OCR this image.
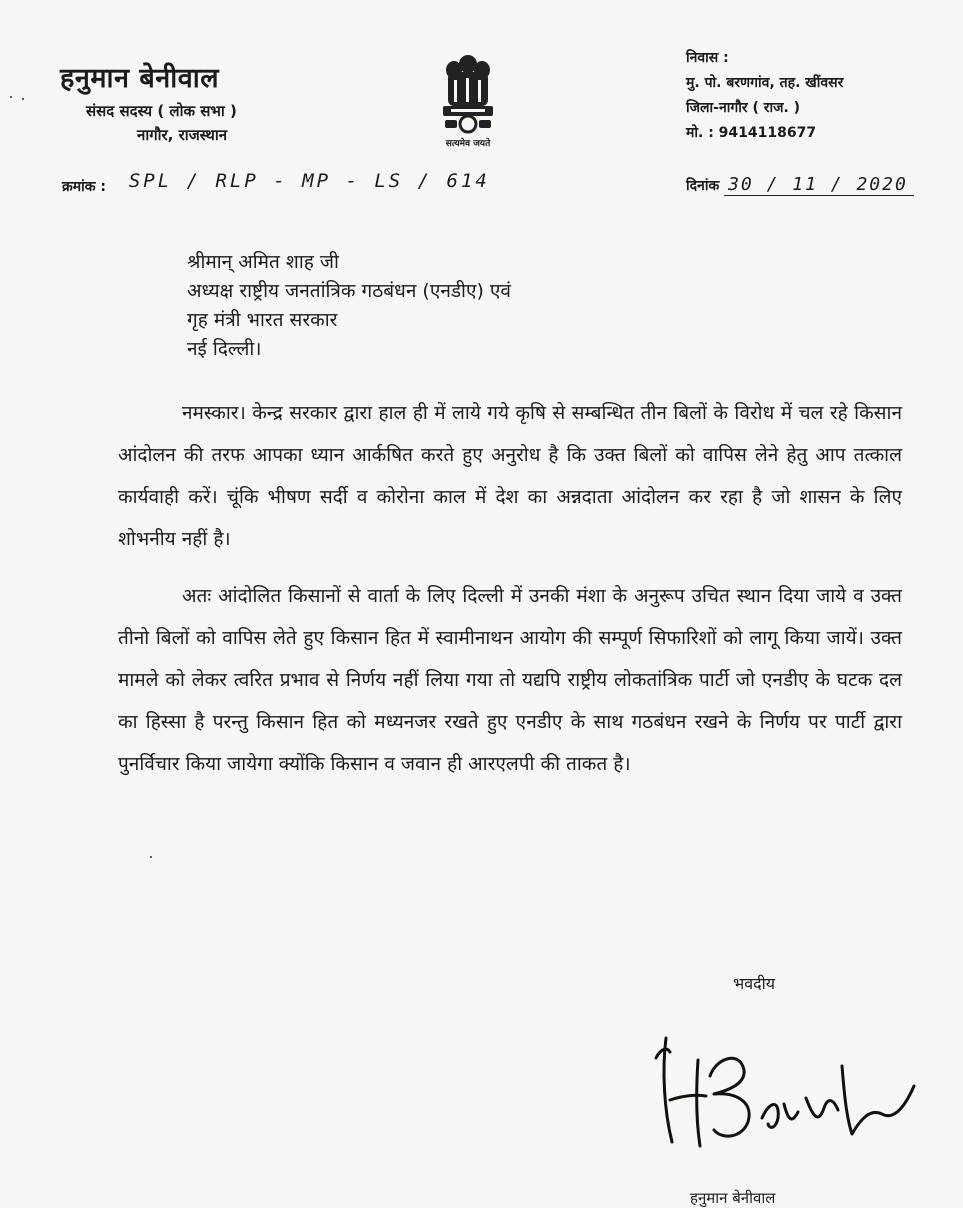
हनुमान बेनीवाल
संसद सदस्य ( लोक सभा )
नागौर, राजस्थान	सत्यमेव जयते
निवास :
मु. पो. बरणगांव, तह. खींवसर
जिला-नागौर ( राज. )
मो. : 9414118677
क्रमांक : SPL / RLP - MP - LS / 614	दिनांक 30 / 11 / 2020
श्रीमान् अमित शाह जी
अध्यक्ष राष्ट्रीय जनतांत्रिक गठबंधन (एनडीए) एवं
गृह मंत्री भारत सरकार
नई दिल्ली।
नमस्कार। केन्द्र सरकार द्वारा हाल ही में लाये गये कृषि से सम्बन्धित तीन बिलों के विरोध में चल रहे किसान आंदोलन की तरफ आपका ध्यान आर्कषित करते हुए अनुरोध है कि उक्त बिलों को वापिस लेने हेतु आप तत्काल कार्यवाही करें। चूंकि भीषण सर्दी व कोरोना काल में देश का अन्नदाता आंदोलन कर रहा है जो शासन के लिए शोभनीय नहीं है।
अतः आंदोलित किसानों से वार्ता के लिए दिल्ली में उनकी मंशा के अनुरूप उचित स्थान दिया जाये व उक्त तीनो बिलों को वापिस लेते हुए किसान हित में स्वामीनाथन आयोग की सम्पूर्ण सिफारिशों को लागू किया जायें। उक्त मामले को लेकर त्वरित प्रभाव से निर्णय नहीं लिया गया तो यद्यपि राष्ट्रीय लोकतांत्रिक पार्टी जो एनडीए के घटक दल का हिस्सा है परन्तु किसान हित को मध्यनजर रखते हुए एनडीए के साथ गठबंधन रखने के निर्णय पर पार्टी द्वारा पुनर्विचार किया जायेगा क्योंकि किसान व जवान ही आरएलपी की ताकत है।
भवदीय
हनुमान बेनीवाल
